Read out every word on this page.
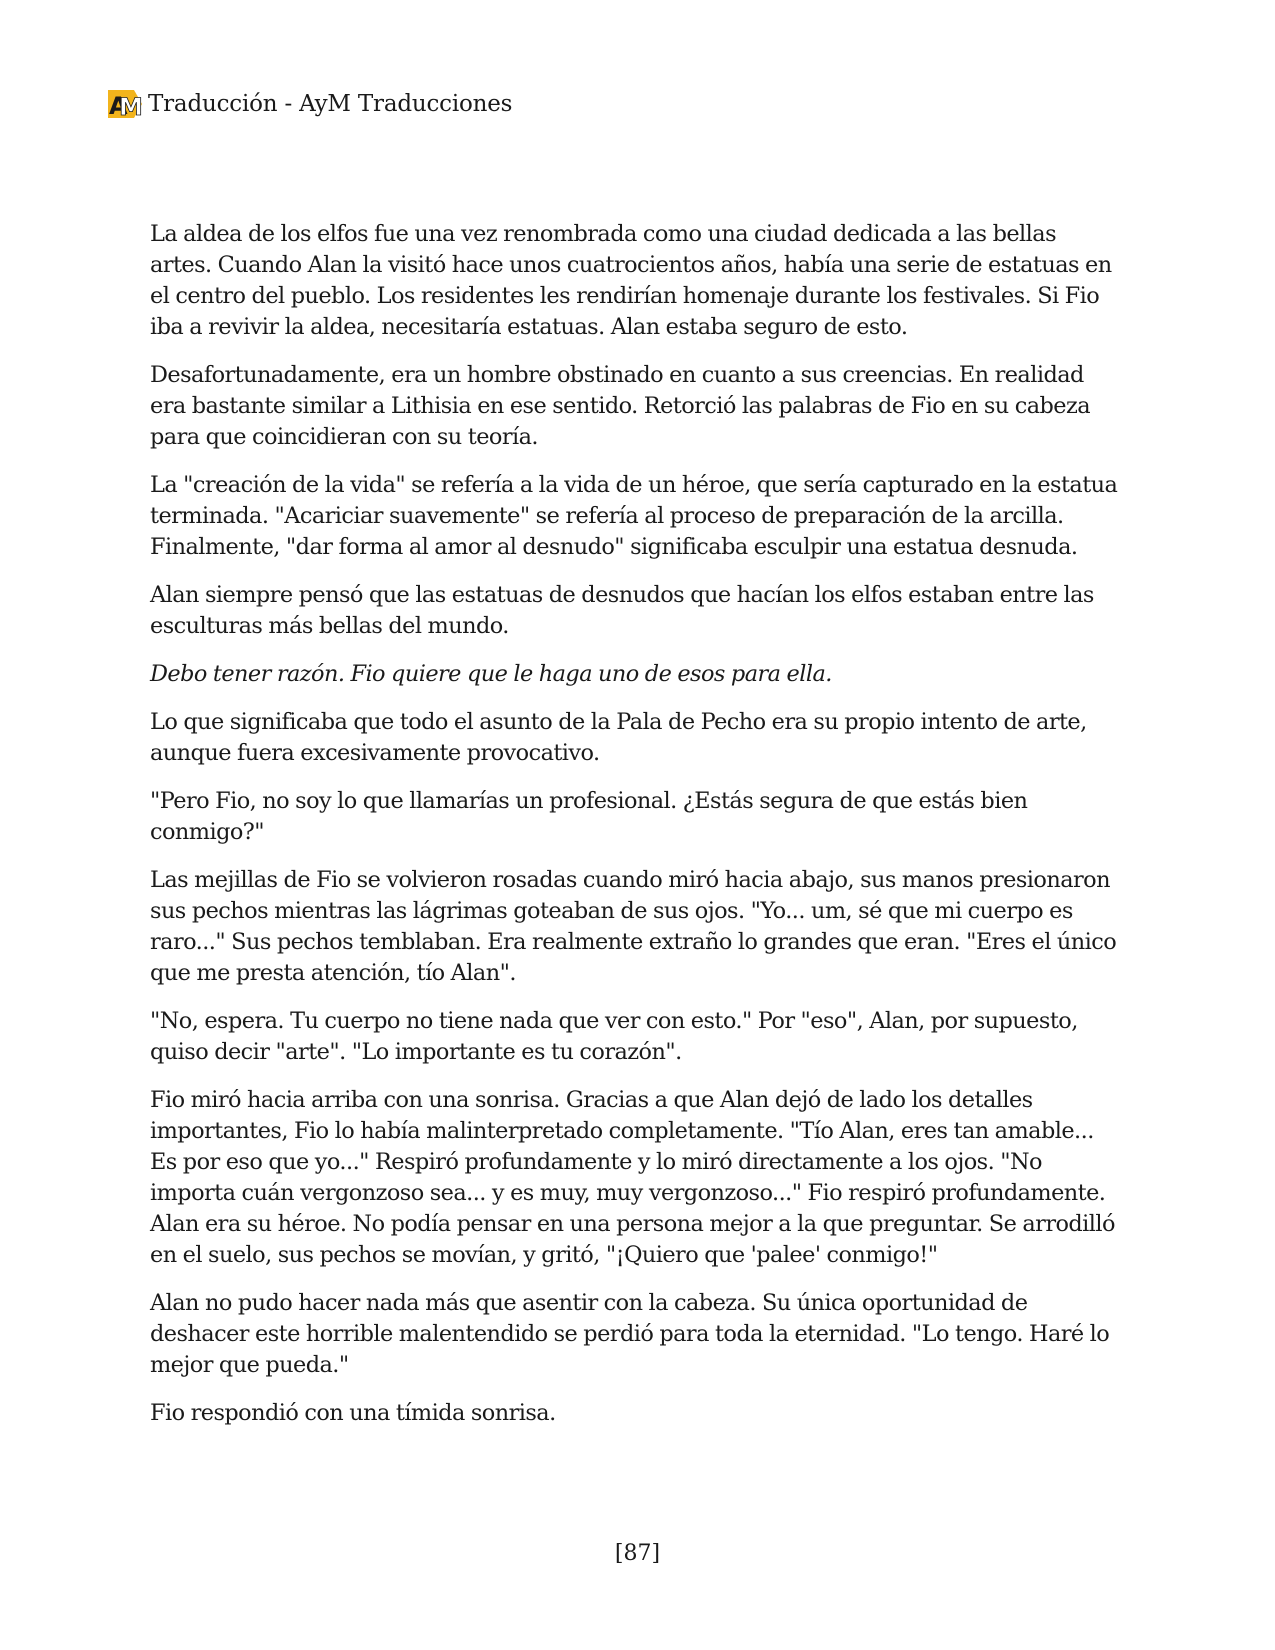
A
M Traducción - AyM Traducciones

La aldea de los elfos fue una vez renombrada como una ciudad dedicada a las bellas artes. Cuando Alan la visitó hace unos cuatrocientos años, había una serie de estatuas en el centro del pueblo. Los residentes les rendirían homenaje durante los festivales. Si Fio iba a revivir la aldea, necesitaría estatuas. Alan estaba seguro de esto.

Desafortunadamente, era un hombre obstinado en cuanto a sus creencias. En realidad era bastante similar a Lithisia en ese sentido. Retorció las palabras de Fio en su cabeza para que coincidieran con su teoría.

La "creación de la vida" se refería a la vida de un héroe, que sería capturado en la estatua terminada. "Acariciar suavemente" se refería al proceso de preparación de la arcilla. Finalmente, "dar forma al amor al desnudo" significaba esculpir una estatua desnuda.

Alan siempre pensó que las estatuas de desnudos que hacían los elfos estaban entre las esculturas más bellas del mundo.

Debo tener razón. Fio quiere que le haga uno de esos para ella.

Lo que significaba que todo el asunto de la Pala de Pecho era su propio intento de arte, aunque fuera excesivamente provocativo.

"Pero Fio, no soy lo que llamarías un profesional. ¿Estás segura de que estás bien conmigo?"

Las mejillas de Fio se volvieron rosadas cuando miró hacia abajo, sus manos presionaron sus pechos mientras las lágrimas goteaban de sus ojos. "Yo... um, sé que mi cuerpo es raro..." Sus pechos temblaban. Era realmente extraño lo grandes que eran. "Eres el único que me presta atención, tío Alan".

"No, espera. Tu cuerpo no tiene nada que ver con esto." Por "eso", Alan, por supuesto, quiso decir "arte". "Lo importante es tu corazón".

Fio miró hacia arriba con una sonrisa. Gracias a que Alan dejó de lado los detalles importantes, Fio lo había malinterpretado completamente. "Tío Alan, eres tan amable... Es por eso que yo..." Respiró profundamente y lo miró directamente a los ojos. "No importa cuán vergonzoso sea... y es muy, muy vergonzoso..." Fio respiró profundamente. Alan era su héroe. No podía pensar en una persona mejor a la que preguntar. Se arrodilló en el suelo, sus pechos se movían, y gritó, "¡Quiero que 'palee' conmigo!"

Alan no pudo hacer nada más que asentir con la cabeza. Su única oportunidad de deshacer este horrible malentendido se perdió para toda la eternidad. "Lo tengo. Haré lo mejor que pueda."

Fio respondió con una tímida sonrisa.

[87]
